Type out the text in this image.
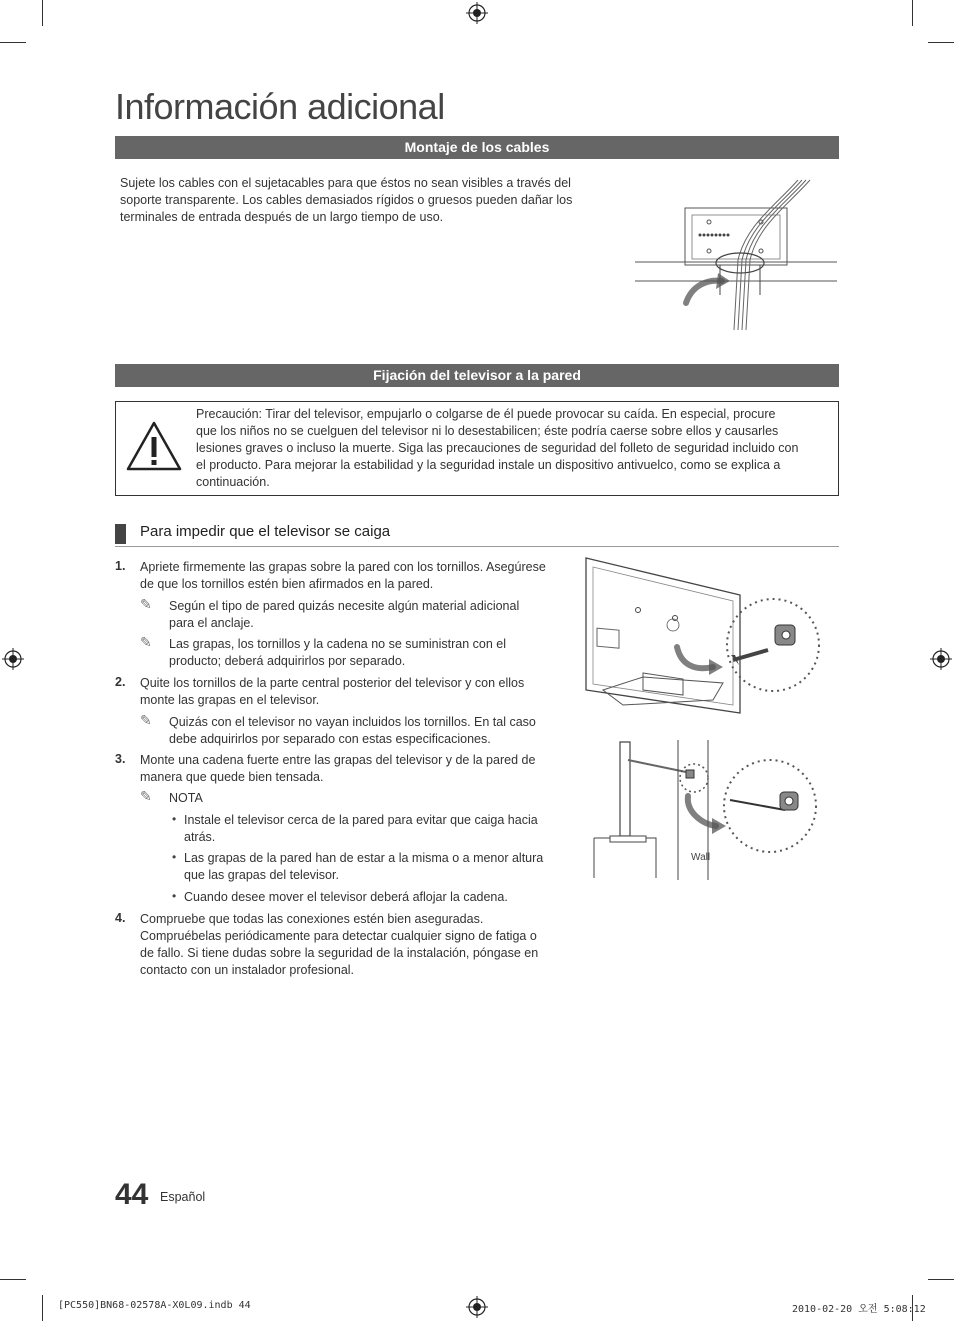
Información adicional
Montaje de los cables
Sujete los cables con el sujetacables para que éstos no sean visibles a través del
soporte transparente. Los cables demasiados rígidos o gruesos pueden dañar los
terminales de entrada después de un largo tiempo de uso.
Fijación del televisor a la pared
Precaución: Tirar del televisor, empujarlo o colgarse de él puede provocar su caída. En especial, procure
que los niños no se cuelguen del televisor ni lo desestabilicen; éste podría caerse sobre ellos y causarles
lesiones graves o incluso la muerte. Siga las precauciones de seguridad del folleto de seguridad incluido con
el producto. Para mejorar la estabilidad y la seguridad instale un dispositivo antivuelco, como se explica a
continuación.
Para impedir que el televisor se caiga
1. Apriete firmemente las grapas sobre la pared con los tornillos. Asegúrese
de que los tornillos estén bien afirmados en la pared.
✎ Según el tipo de pared quizás necesite algún material adicional
para el anclaje.
✎ Las grapas, los tornillos y la cadena no se suministran con el
producto; deberá adquirirlos por separado.
2. Quite los tornillos de la parte central posterior del televisor y con ellos
monte las grapas en el televisor.
✎ Quizás con el televisor no vayan incluidos los tornillos. En tal caso
debe adquirirlos por separado con estas especificaciones.
3. Monte una cadena fuerte entre las grapas del televisor y de la pared de
manera que quede bien tensada.
✎ NOTA
• Instale el televisor cerca de la pared para evitar que caiga hacia
atrás.
• Las grapas de la pared han de estar a la misma o a menor altura
que las grapas del televisor.
• Cuando desee mover el televisor deberá aflojar la cadena.
4. Compruebe que todas las conexiones estén bien aseguradas.
Compruébelas periódicamente para detectar cualquier signo de fatiga o
de fallo. Si tiene dudas sobre la seguridad de la instalación, póngase en
contacto con un instalador profesional.
Wall
44 Español
[PC550]BN68-02578A-X0L09.indb 44	2010-02-20 오전 5:08:12
